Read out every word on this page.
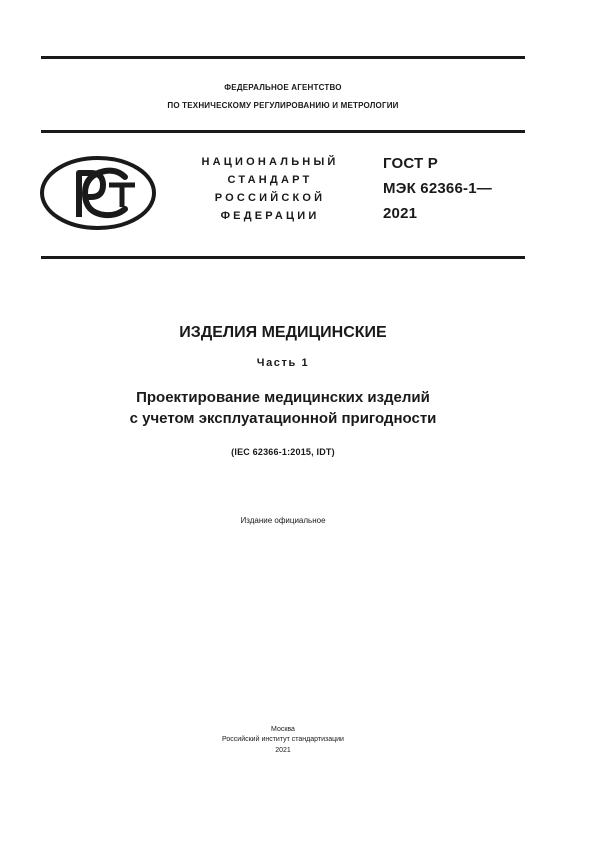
ФЕДЕРАЛЬНОЕ АГЕНТСТВО
ПО ТЕХНИЧЕСКОМУ РЕГУЛИРОВАНИЮ И МЕТРОЛОГИИ
РСТ
НАЦИОНАЛЬНЫЙ
СТАНДАРТ
РОССИЙСКОЙ
ФЕДЕРАЦИИ
ГОСТ Р
МЭК 62366-1—
2021
ИЗДЕЛИЯ МЕДИЦИНСКИЕ
Часть 1
Проектирование медицинских изделий
с учетом эксплуатационной пригодности
(IEC 62366-1:2015, IDT)
Издание официальное
Москва
Российский институт стандартизации
2021
